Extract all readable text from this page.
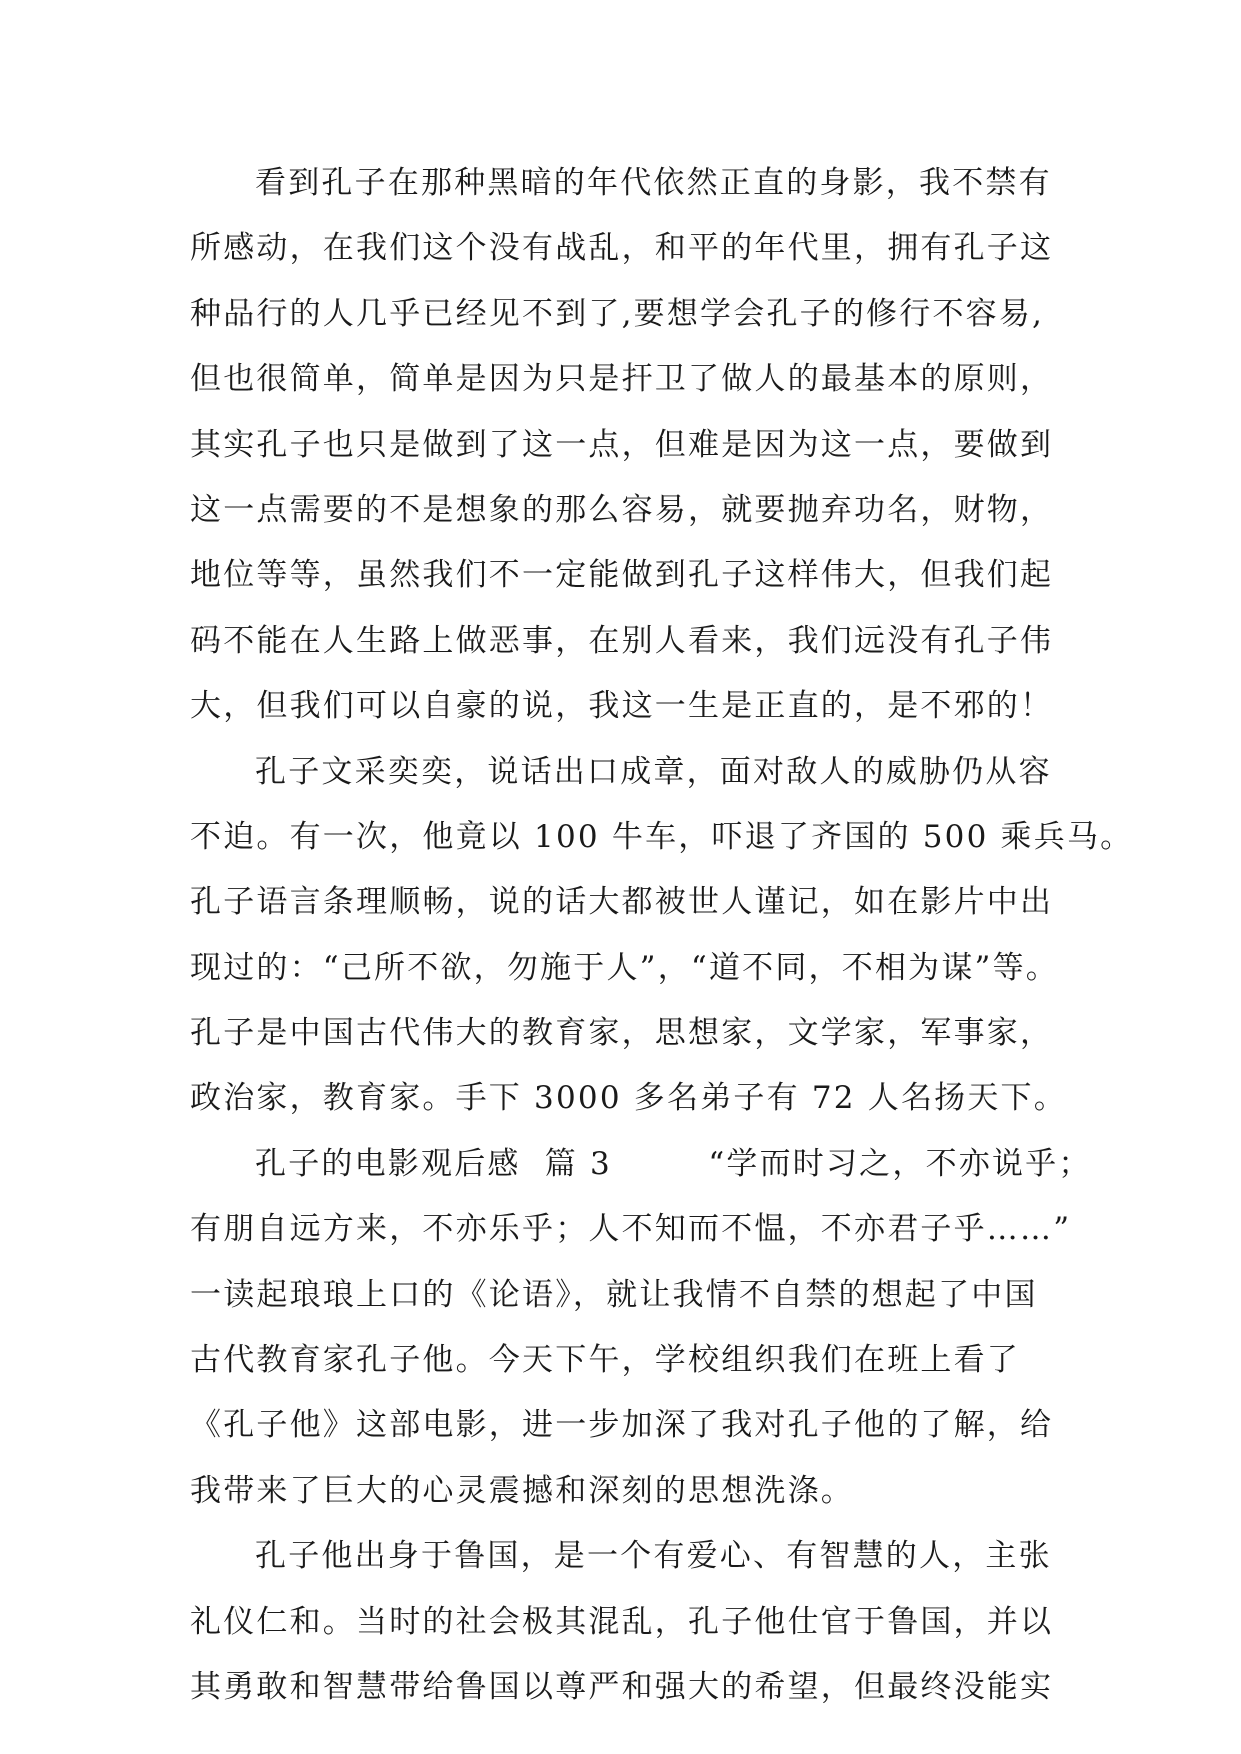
看到孔子在那种黑暗的年代依然正直的身影，我不禁有
所感动，在我们这个没有战乱，和平的年代里，拥有孔子这
种品行的人几乎已经见不到了,要想学会孔子的修行不容易,
但也很简单，简单是因为只是扞卫了做人的最基本的原则，
其实孔子也只是做到了这一点，但难是因为这一点，要做到
这一点需要的不是想象的那么容易，就要抛弃功名，财物，
地位等等，虽然我们不一定能做到孔子这样伟大，但我们起
码不能在人生路上做恶事，在别人看来，我们远没有孔子伟
大，但我们可以自豪的说，我这一生是正直的，是不邪的！
孔子文采奕奕，说话出口成章，面对敌人的威胁仍从容
不迫。有一次，他竟以 100 牛车，吓退了齐国的 500 乘兵马。
孔子语言条理顺畅，说的话大都被世人谨记，如在影片中出
现过的：“己所不欲，勿施于人”，“道不同，不相为谋”等。
孔子是中国古代伟大的教育家，思想家，文学家，军事家，
政治家，教育家。手下 3000 多名弟子有 72 人名扬天下。
孔子的电影观后感  篇 3        “学而时习之，不亦说乎；
有朋自远方来，不亦乐乎；人不知而不愠，不亦君子乎……”
一读起琅琅上口的《论语》，就让我情不自禁的想起了中国
古代教育家孔子他。今天下午，学校组织我们在班上看了
《孔子他》这部电影，进一步加深了我对孔子他的了解，给
我带来了巨大的心灵震撼和深刻的思想洗涤。
孔子他出身于鲁国，是一个有爱心、有智慧的人，主张
礼仪仁和。当时的社会极其混乱，孔子他仕官于鲁国，并以
其勇敢和智慧带给鲁国以尊严和强大的希望，但最终没能实
